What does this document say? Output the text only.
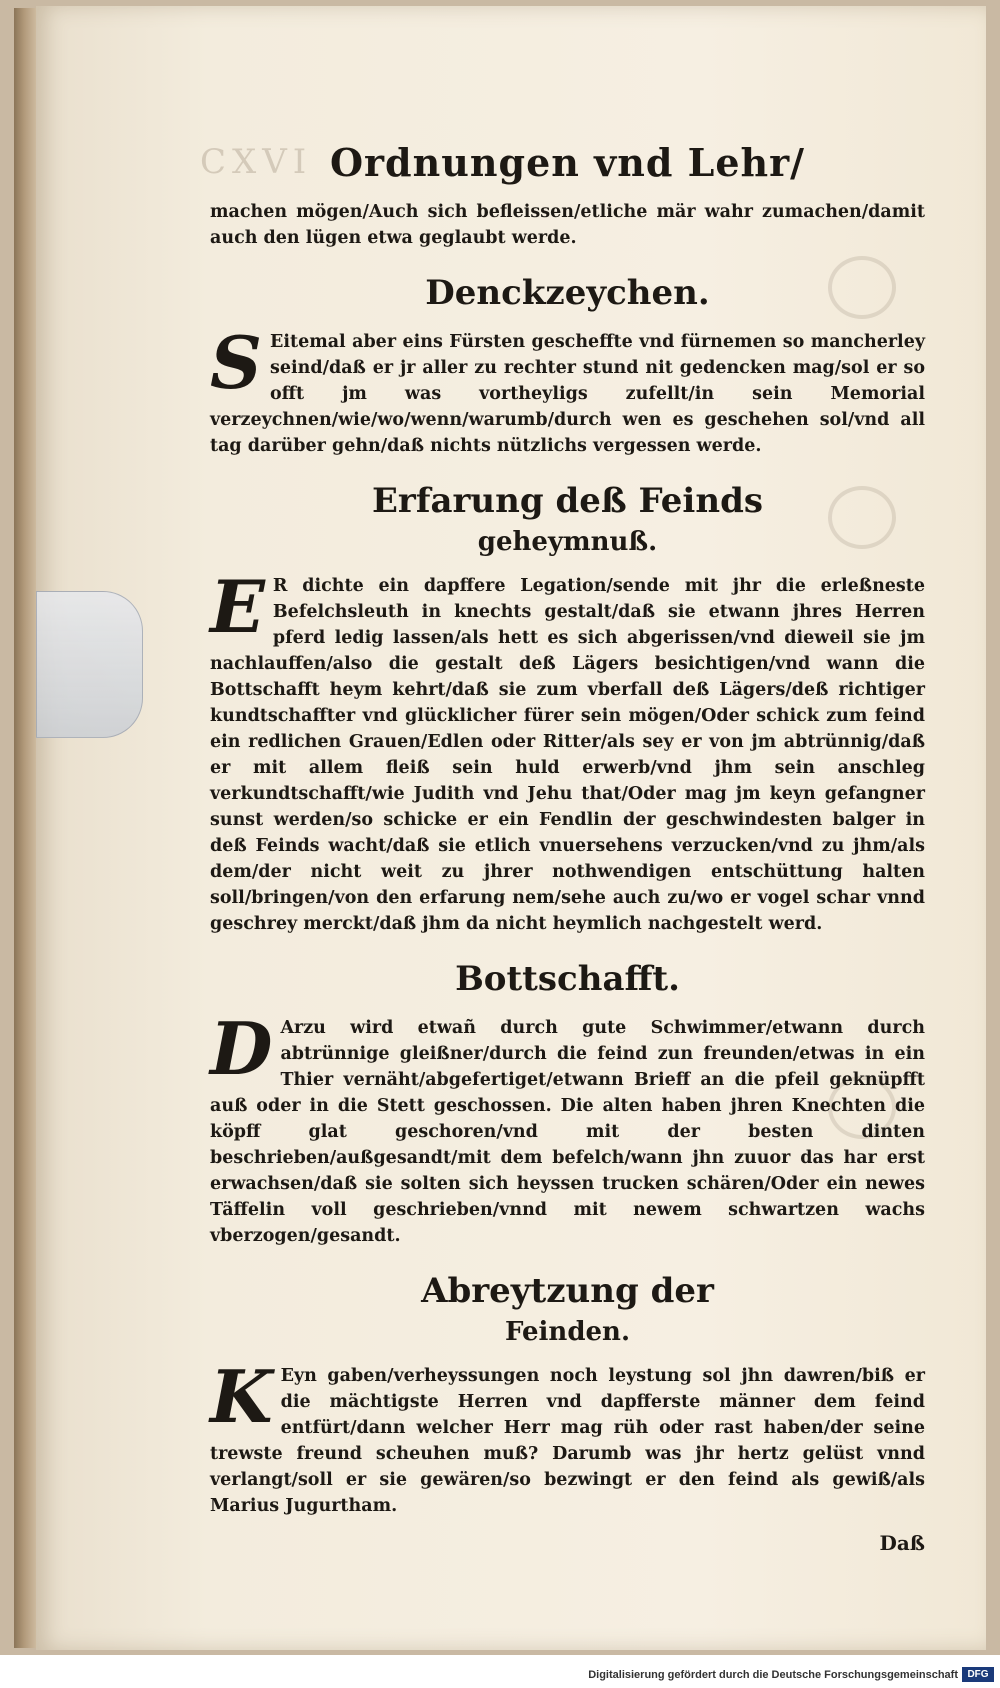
CXVI Ordnungen vnd Lehr/

machen mögen/Auch sich befleissen/etliche mär wahr zumachen/damit auch den lügen etwa geglaubt werde.

Denckzeychen.

S Eitemal aber eins Fürsten gescheffte vnd fürnemen so mancherley seind/daß er jr aller zu rechter stund nit gedencken mag/sol er so offt jm was vortheyligs zufellt/in sein Memorial verzeychnen/wie/wo/wenn/warumb/durch wen es geschehen sol/vnd all tag darüber gehn/daß nichts nützlichs vergessen werde.

Erfarung deß Feinds
geheymnuß.

E R dichte ein dapffere Legation/sende mit jhr die erleßneste Befelchsleuth in knechts gestalt/daß sie etwann jhres Herren pferd ledig lassen/als hett es sich abgerissen/vnd dieweil sie jm nachlauffen/also die gestalt deß Lägers besichtigen/vnd wann die Bottschafft heym kehrt/daß sie zum vberfall deß Lägers/deß richtiger kundtschaffter vnd glücklicher fürer sein mögen/Oder schick zum feind ein redlichen Grauen/Edlen oder Ritter/als sey er von jm abtrünnig/daß er mit allem fleiß sein huld erwerb/vnd jhm sein anschleg verkundtschafft/wie Judith vnd Jehu that/Oder mag jm keyn gefangner sunst werden/so schicke er ein Fendlin der geschwindesten balger in deß Feinds wacht/daß sie etlich vnuersehens verzucken/vnd zu jhm/als dem/der nicht weit zu jhrer nothwendigen entschüttung halten soll/bringen/von den erfarung nem/sehe auch zu/wo er vogel schar vnnd geschrey merckt/daß jhm da nicht heymlich nachgestelt werd.

Bottschafft.

D Arzu wird etwañ durch gute Schwimmer/etwann durch abtrünnige gleißner/durch die feind zun freunden/etwas in ein Thier vernäht/abgefertiget/etwann Brieff an die pfeil geknüpfft auß oder in die Stett geschossen. Die alten haben jhren Knechten die köpff glat geschoren/vnd mit der besten dinten beschrieben/außgesandt/mit dem befelch/wann jhn zuuor das har erst erwachsen/daß sie solten sich heyssen trucken schären/Oder ein newes Täffelin voll geschrieben/vnnd mit newem schwartzen wachs vberzogen/gesandt.

Abreytzung der
Feinden.

K Eyn gaben/verheyssungen noch leystung sol jhn dawren/biß er die mächtigste Herren vnd dapfferste männer dem feind entfürt/dann welcher Herr mag rüh oder rast haben/der seine trewste freund scheuhen muß? Darumb was jhr hertz gelüst vnnd verlangt/soll er sie gewären/so bezwingt er den feind als gewiß/als Marius Jugurtham.

Daß
Digitalisierung gefördert durch die Deutsche Forschungsgemeinschaft DFG
